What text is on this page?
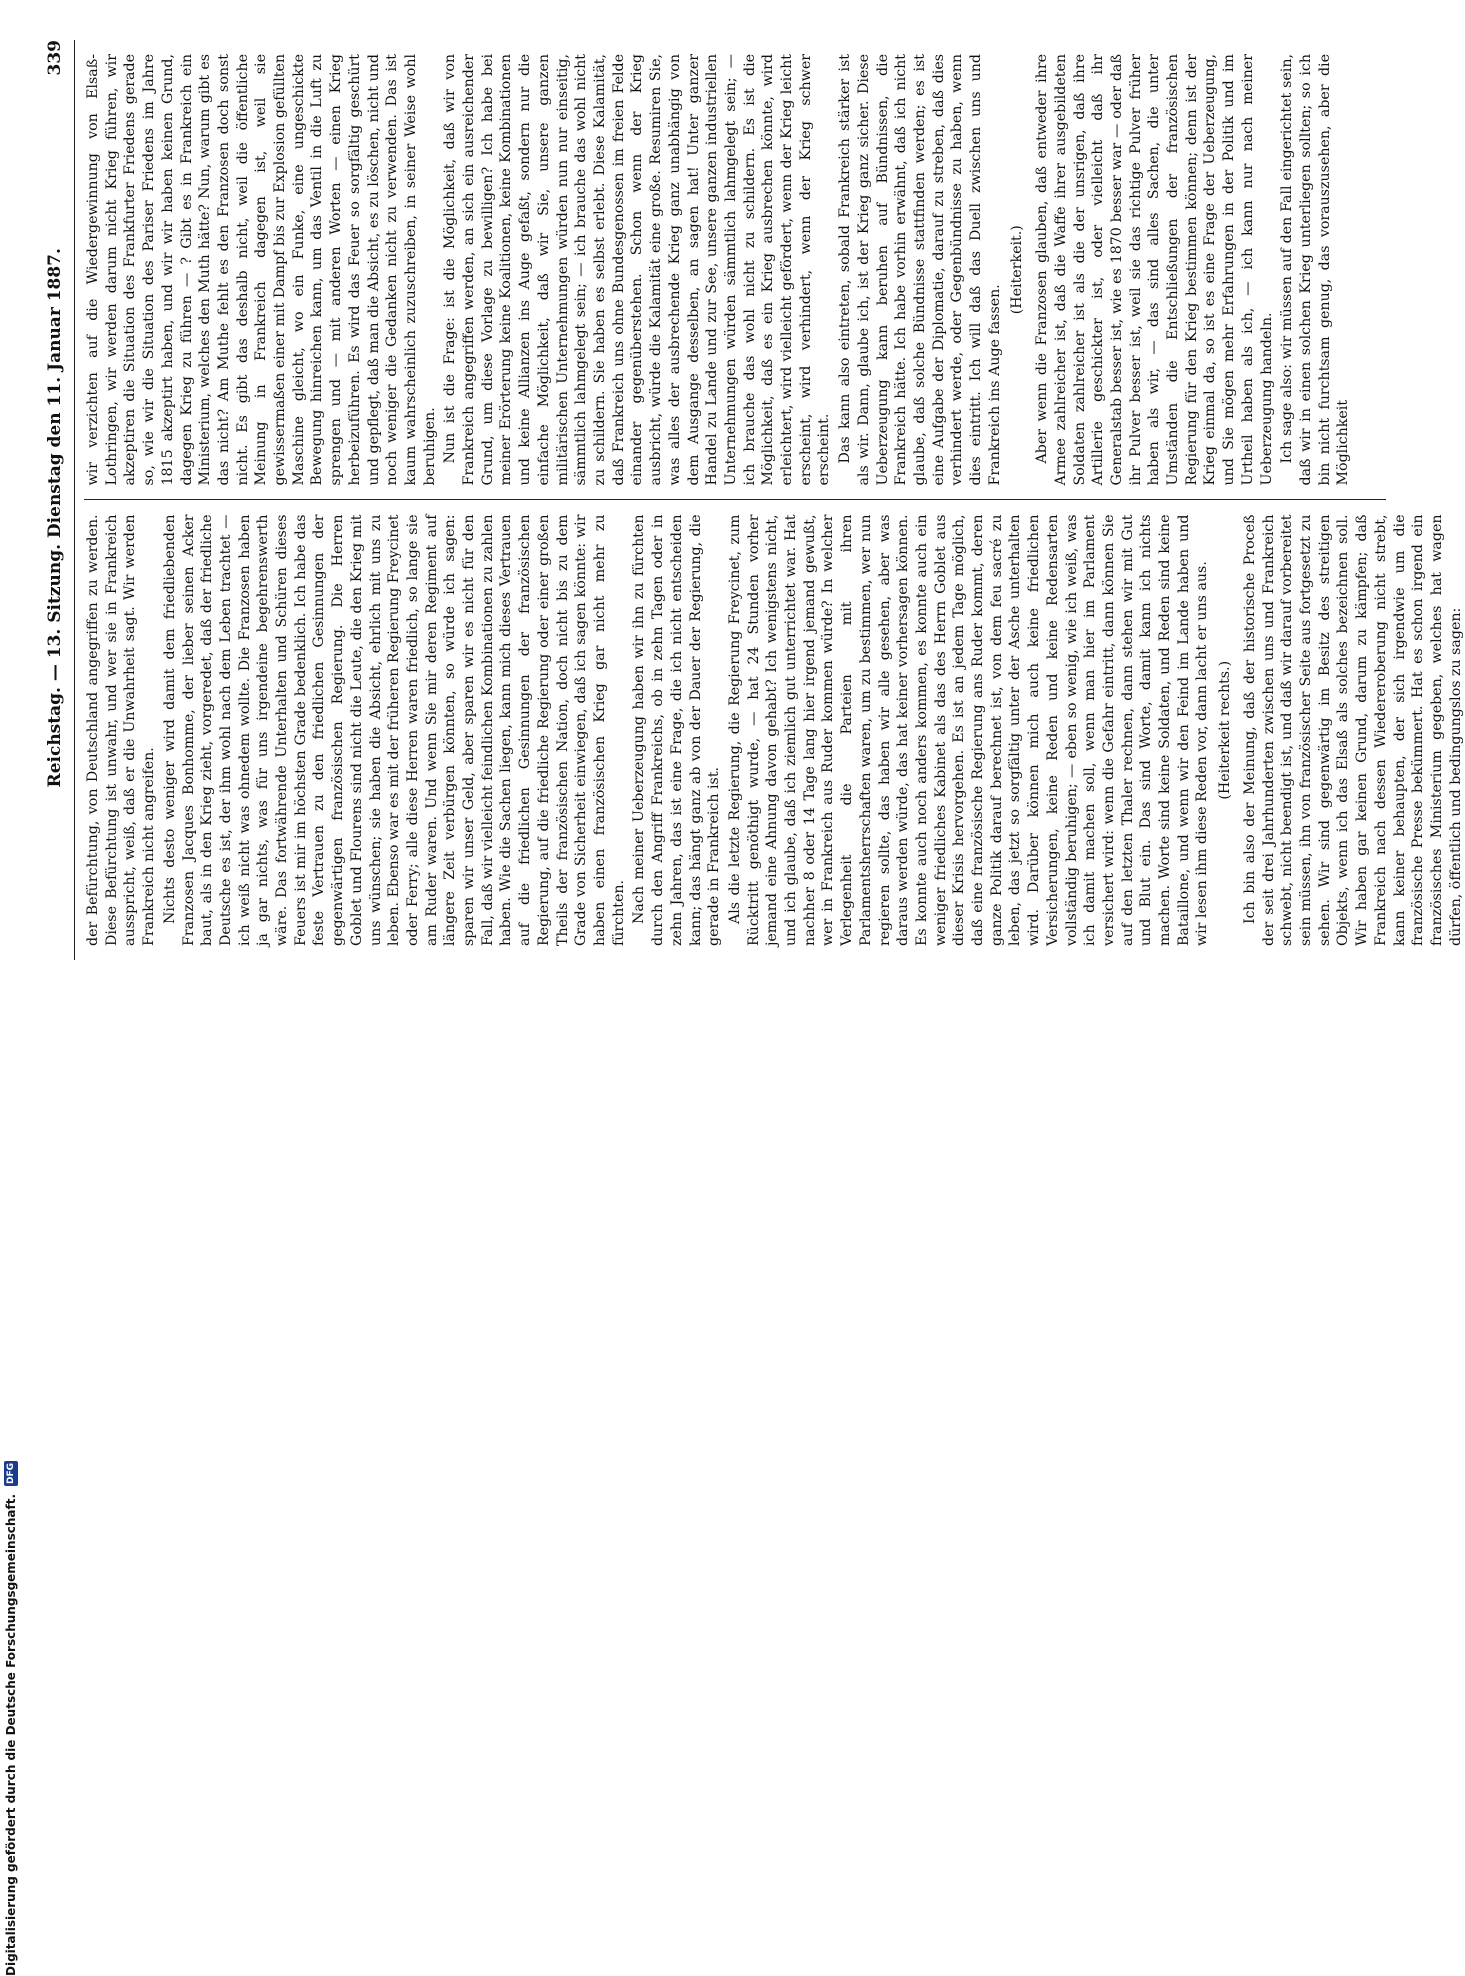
Reichstag. — 13. Sitzung. Dienstag den 11. Januar 1887.
339

der Befürchtung, von Deutschland angegriffen zu werden. Diese Befürchtung ist unwahr, und wer sie in Frankreich ausspricht, weiß, daß er die Unwahrheit sagt. Wir werden Frankreich nicht angreifen. Nichts desto weniger wird damit dem friedliebenden Franzosen Jacques Bonhomme, der lieber seinen Acker baut, als in den Krieg zieht, vorgeredet, daß der friedliche Deutsche es ist, der ihm wohl nach dem Leben trachtet — ich weiß nicht was ohnedem wollte. Die Franzosen haben ja gar nichts, was für uns irgendeine begehrenswerth wäre. Das fortwährende Unterhalten und Schüren dieses Feuers ist mir im höchsten Grade bedenklich. Ich habe das feste Vertrauen zu den friedlichen Gesinnungen der gegenwärtigen französischen Regierung. Die Herren Goblet und Flourens sind nicht die Leute, die den Krieg mit uns wünschen; sie haben die Absicht, ehrlich mit uns zu leben. Ebenso war es mit der früheren Regierung Freycinet oder Ferry; alle diese Herren waren friedlich, so lange sie am Ruder waren. Und wenn Sie mir deren Regiment auf längere Zeit verbürgen könnten, so würde ich sagen: sparen wir unser Geld, aber sparen wir es nicht für den Fall, daß wir vielleicht feindlichen Kombinationen zu zahlen haben. Wie die Sachen liegen, kann mich dieses Vertrauen auf die friedlichen Gesinnungen der französischen Regierung, auf die friedliche Regierung oder einer großen Theils der französischen Nation, doch nicht bis zu dem Grade von Sicherheit einwiegen, daß ich sagen könnte: wir haben einen französischen Krieg gar nicht mehr zu fürchten. Nach meiner Ueberzeugung haben wir ihn zu fürchten durch den Angriff Frankreichs, ob in zehn Tagen oder in zehn Jahren, das ist eine Frage, die ich nicht entscheiden kann; das hängt ganz ab von der Dauer der Regierung, die gerade in Frankreich ist. Als die letzte Regierung, die Regierung Freycinet, zum Rücktritt genöthigt wurde, — hat 24 Stunden vorher jemand eine Ahnung davon gehabt? Ich wenigstens nicht, und ich glaube, daß ich ziemlich gut unterrichtet war. Hat nachher 8 oder 14 Tage lang hier irgend jemand gewußt, wer in Frankreich aus Ruder kommen würde? In welcher Verlegenheit die Parteien mit ihren Parlamentsherrschaften waren, um zu bestimmen, wer nun regieren sollte, das haben wir alle gesehen, aber was daraus werden würde, das hat keiner vorhersagen können. Es konnte auch noch anders kommen, es konnte auch ein weniger friedliches Kabinet als das des Herrn Goblet aus dieser Krisis hervorgehen. Es ist an jedem Tage möglich, daß eine französische Regierung ans Ruder kommt, deren ganze Politik darauf berechnet ist, von dem feu sacré zu leben, das jetzt so sorgfältig unter der Asche unterhalten wird. Darüber können mich auch keine friedlichen Versicherungen, keine Reden und keine Redensarten vollständig beruhigen; — eben so wenig, wie ich weiß, was ich damit machen soll, wenn man hier im Parlament versichert wird: wenn die Gefahr eintritt, dann können Sie auf den letzten Thaler rechnen, dann stehen wir mit Gut und Blut ein. Das sind Worte, damit kann ich nichts machen. Worte sind keine Soldaten, und Reden sind keine Bataillone, und wenn wir den Feind im Lande haben und wir lesen ihm diese Reden vor, dann lacht er uns aus. (Heiterkeit rechts.) Ich bin also der Meinung, daß der historische Proceß der seit drei Jahrhunderten zwischen uns und Frankreich schwebt, nicht beendigt ist, und daß wir darauf vorbereitet sein müssen, ihn von französischer Seite aus fortgesetzt zu sehen. Wir sind gegenwärtig im Besitz des streitigen Objekts, wenn ich das Elsaß als solches bezeichnen soll. Wir haben gar keinen Grund, darum zu kämpfen; daß Frankreich nach dessen Wiedereroberung nicht strebt, kann keiner behaupten, der sich irgendwie um die französische Presse bekümmert. Hat es schon irgend ein französisches Ministerium gegeben, welches hat wagen dürfen, öffentlich und bedingungslos zu sagen:

wir verzichten auf die Wiedergewinnung von Elsaß-Lothringen, wir werden darum nicht Krieg führen, wir akzeptiren die Situation des Frankfurter Friedens gerade so, wie wir die Situation des Pariser Friedens im Jahre 1815 akzeptirt haben, und wir wir haben keinen Grund, dagegen Krieg zu führen — ? Gibt es in Frankreich ein Ministerium, welches den Muth hätte? Nun, warum gibt es das nicht? Am Muthe fehlt es den Franzosen doch sonst nicht. Es gibt das deshalb nicht, weil die öffentliche Meinung in Frankreich dagegen ist, weil sie gewissermaßen einer mit Dampf bis zur Explosion gefüllten Maschine gleicht, wo ein Funke, eine ungeschickte Bewegung hinreichen kann, um das Ventil in die Luft zu sprengen und — mit anderen Worten — einen Krieg herbeizuführen. Es wird das Feuer so sorgfältig geschürt und gepflegt, daß man die Absicht, es zu löschen, nicht und noch weniger die Gedanken nicht zu verwenden. Das ist kaum wahrscheinlich zuzuschreiben, in seiner Weise wohl beruhigen. Nun ist die Frage: ist die Möglichkeit, daß wir von Frankreich angegriffen werden, an sich ein ausreichender Grund, um diese Vorlage zu bewilligen? Ich habe bei meiner Erörterung keine Koalitionen, keine Kombinationen und keine Allianzen ins Auge gefaßt, sondern nur die einfache Möglichkeit, daß wir Sie, unsere ganzen militärischen Unternehmungen würden nun nur einseitig, sämmtlich lahmgelegt sein; — ich brauche das wohl nicht zu schildern. Sie haben es selbst erlebt. Diese Kalamität, daß Frankreich uns ohne Bundesgenossen im freien Felde einander gegenüberstehen. Schon wenn der Krieg ausbricht, würde die Kalamität eine große. Resumiren Sie, was alles der ausbrechende Krieg ganz unabhängig von dem Ausgange desselben, an sagen hat! Unter ganzer Handel zu Lande und zur See, unsere ganzen industriellen Unternehmungen würden sämmtlich lahmgelegt sein; — ich brauche das wohl nicht zu schildern. Es ist die Möglichkeit, daß es ein Krieg ausbrechen könnte, wird erleichtert, wird vielleicht gefördert, wenn der Krieg leicht erscheint, wird verhindert, wenn der Krieg schwer erscheint. Das kann also eintreten, sobald Frankreich stärker ist als wir. Dann, glaube ich, ist der Krieg ganz sicher. Diese Ueberzeugung kann beruhen auf Bündnissen, die Frankreich hätte. Ich habe vorhin erwähnt, daß ich nicht glaube, daß solche Bündnisse stattfinden werden; es ist eine Aufgabe der Diplomatie, darauf zu streben, daß dies verhindert werde, oder Gegenbündnisse zu haben, wenn dies eintritt. Ich will daß das Duell zwischen uns und Frankreich ins Auge fassen.

(Heiterkeit.) Aber wenn die Franzosen glauben, daß entweder ihre Armee zahlreicher ist, daß die Waffe ihrer ausgebildeten Soldaten zahlreicher ist als die der unsrigen, daß ihre Artillerie geschickter ist, oder vielleicht daß ihr Generalstab besser ist, wie es 1870 besser war — oder daß ihr Pulver besser ist, weil sie das richtige Pulver früher haben als wir, — das sind alles Sachen, die unter Umständen die Entschließungen der französischen Regierung für den Krieg bestimmen können; denn ist der Krieg einmal da, so ist es eine Frage der Ueberzeugung, und Sie mögen mehr Erfahrungen in der Politik und im Urtheil haben als ich, — ich kann nur nach meiner Ueberzeugung handeln. Ich sage also: wir müssen auf den Fall eingerichtet sein, daß wir in einen solchen Krieg unterliegen sollten; so ich bin nicht furchtsam genug, das vorauszusehen, aber die Möglichkeit

Digitalisierung gefördert durch die Deutsche Forschungsgemeinschaft.
DFG
